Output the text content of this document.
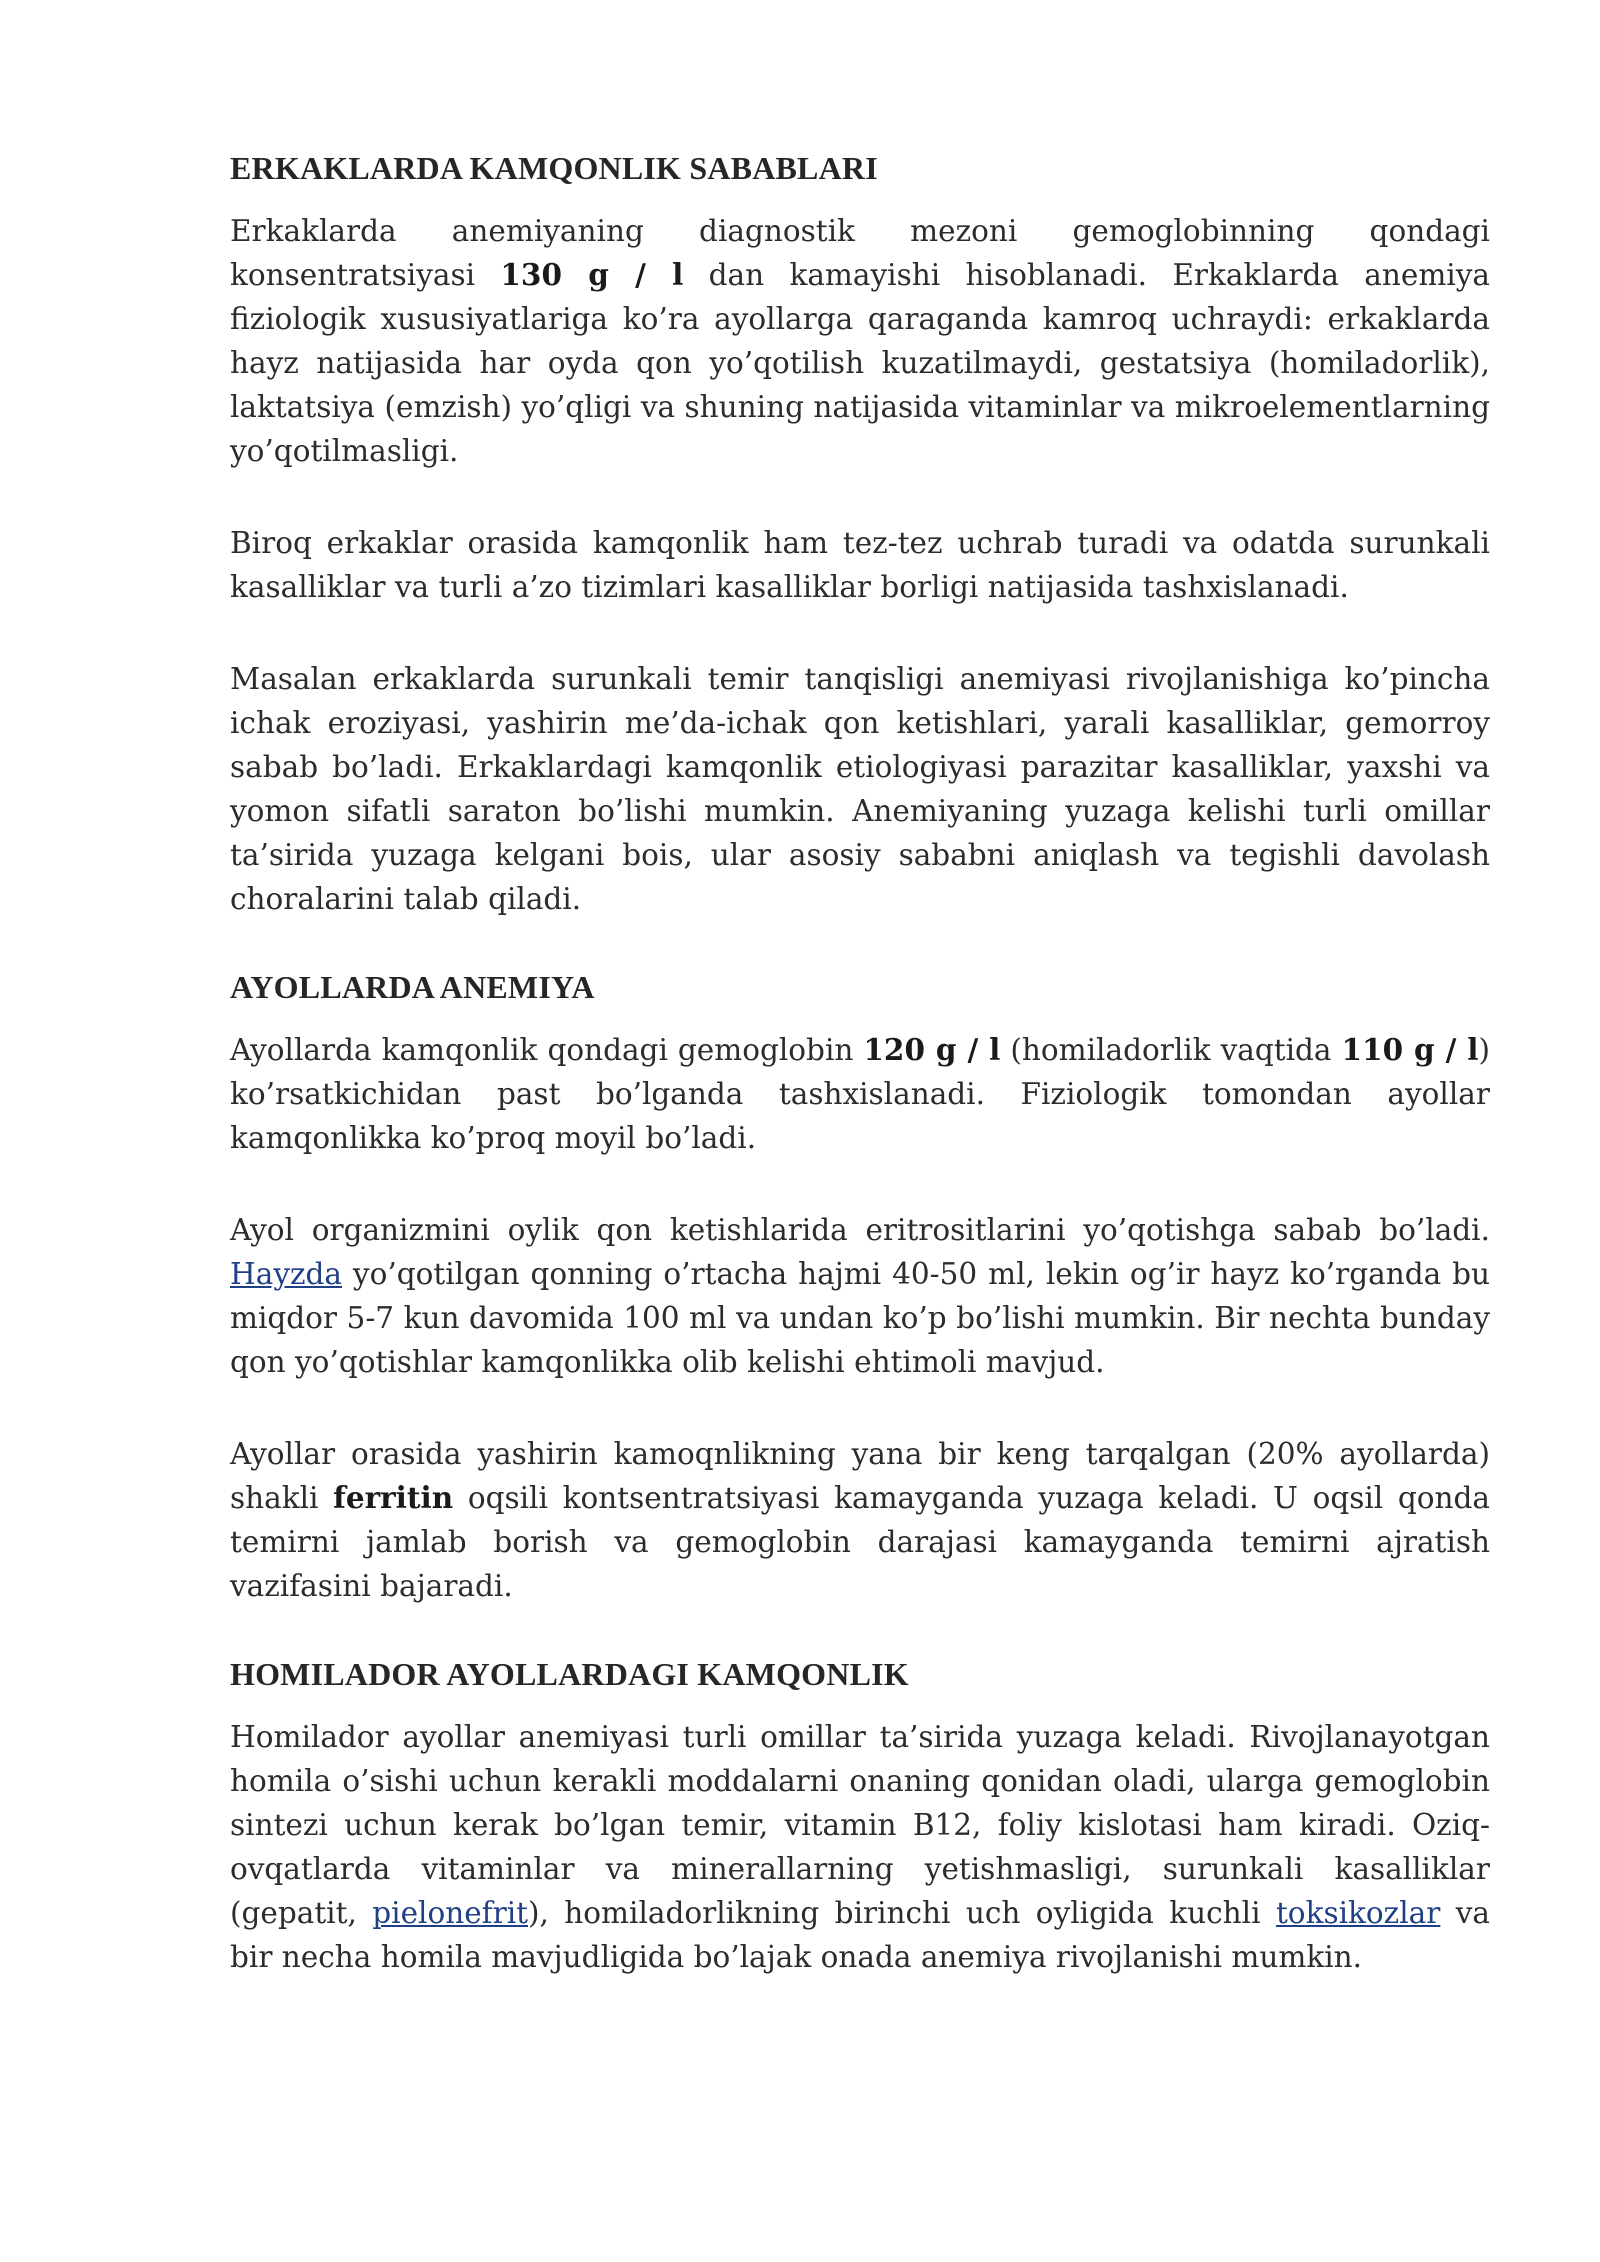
ERKAKLARDA KAMQONLIK SABABLARI

Erkaklarda anemiyaning diagnostik mezoni gemoglobinning qondagi konsentratsiyasi 130 g / l dan kamayishi hisoblanadi. Erkaklarda anemiya fiziologik xususiyatlariga ko’ra ayollarga qaraganda kamroq uchraydi: erkaklarda hayz natijasida har oyda qon yo’qotilish kuzatilmaydi, gestatsiya (homiladorlik), laktatsiya (emzish) yo’qligi va shuning natijasida vitaminlar va mikroelementlarning yo’qotilmasligi.

Biroq erkaklar orasida kamqonlik ham tez-tez uchrab turadi va odatda surunkali kasalliklar va turli a’zo tizimlari kasalliklar borligi natijasida tashxislanadi.

Masalan erkaklarda surunkali temir tanqisligi anemiyasi rivojlanishiga ko’pincha ichak eroziyasi, yashirin me’da-ichak qon ketishlari, yarali kasalliklar, gemorroy sabab bo’ladi. Erkaklardagi kamqonlik etiologiyasi parazitar kasalliklar, yaxshi va yomon sifatli saraton bo’lishi mumkin. Anemiyaning yuzaga kelishi turli omillar ta’sirida yuzaga kelgani bois, ular asosiy sababni aniqlash va tegishli davolash choralarini talab qiladi.

AYOLLARDA ANEMIYA

Ayollarda kamqonlik qondagi gemoglobin 120 g / l (homiladorlik vaqtida 110 g / l) ko’rsatkichidan past bo’lganda tashxislanadi. Fiziologik tomondan ayollar kamqonlikka ko’proq moyil bo’ladi.

Ayol organizmini oylik qon ketishlarida eritrositlarini yo’qotishga sabab bo’ladi. Hayzda yo’qotilgan qonning o’rtacha hajmi 40-50 ml, lekin og’ir hayz ko’rganda bu miqdor 5-7 kun davomida 100 ml va undan ko’p bo’lishi mumkin. Bir nechta bunday qon yo’qotishlar kamqonlikka olib kelishi ehtimoli mavjud.

Ayollar orasida yashirin kamoqnlikning yana bir keng tarqalgan (20% ayollarda) shakli ferritin oqsili kontsentratsiyasi kamayganda yuzaga keladi. U oqsil qonda temirni jamlab borish va gemoglobin darajasi kamayganda temirni ajratish vazifasini bajaradi.

HOMILADOR AYOLLARDAGI KAMQONLIK

Homilador ayollar anemiyasi turli omillar ta’sirida yuzaga keladi. Rivojlanayotgan homila o’sishi uchun kerakli moddalarni onaning qonidan oladi, ularga gemoglobin sintezi uchun kerak bo’lgan temir, vitamin B12, foliy kislotasi ham kiradi. Oziq-ovqatlarda vitaminlar va minerallarning yetishmasligi, surunkali kasalliklar (gepatit, pielonefrit), homiladorlikning birinchi uch oyligida kuchli toksikozlar va bir necha homila mavjudligida bo’lajak onada anemiya rivojlanishi mumkin.
